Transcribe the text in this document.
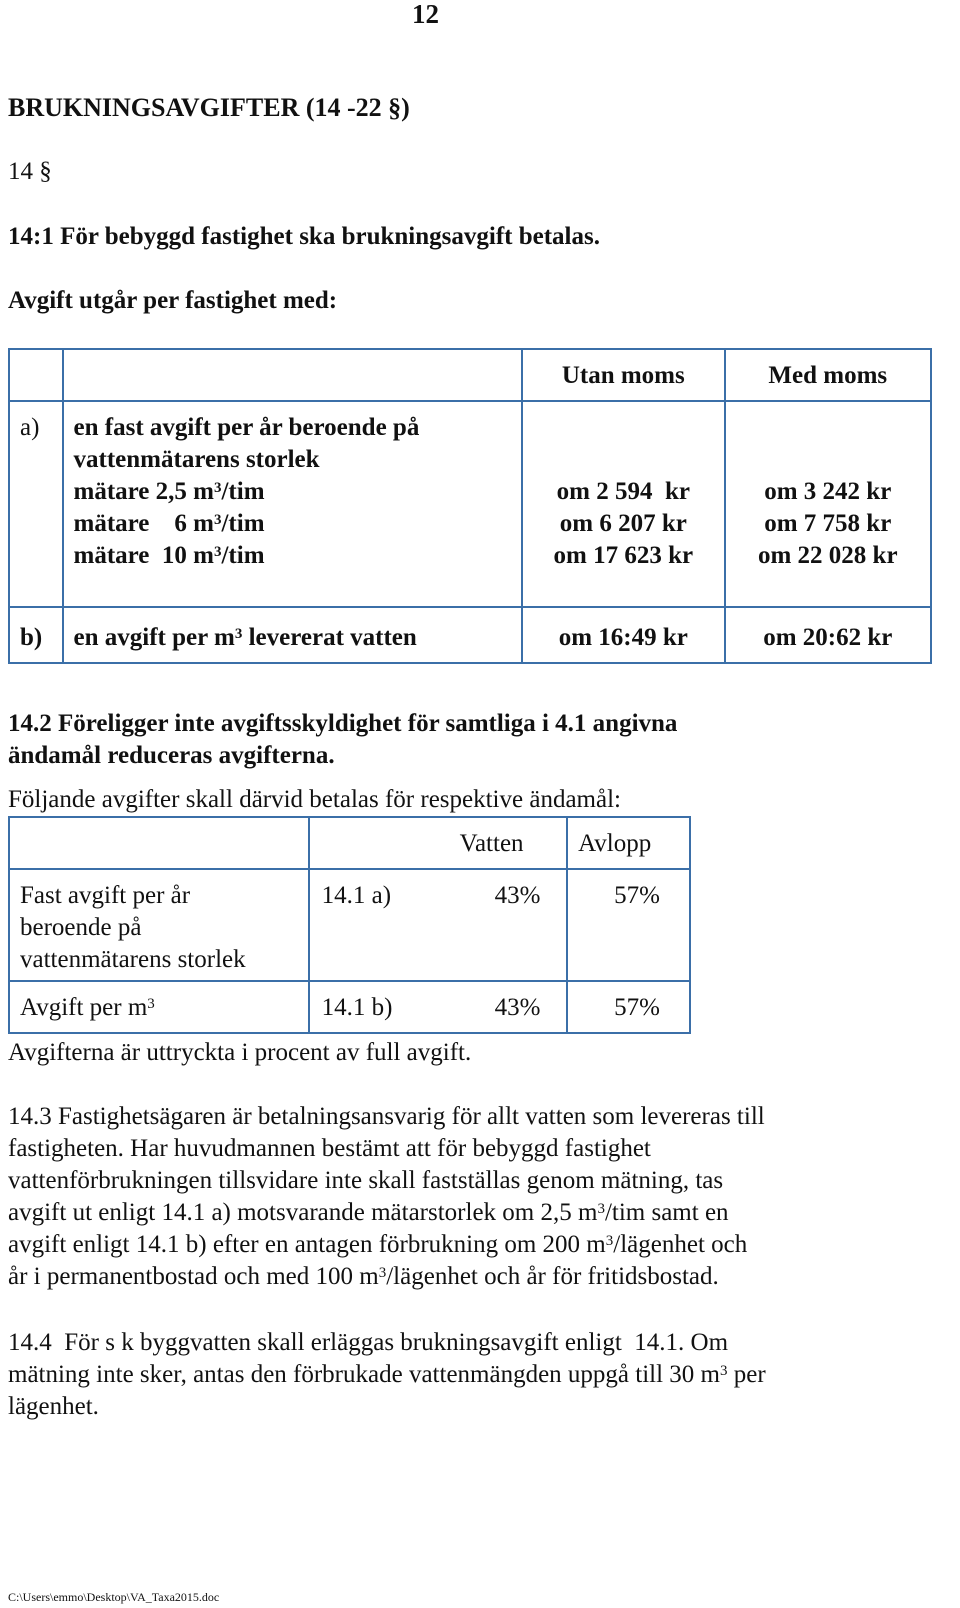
12
BRUKNINGSAVGIFTER (14 -22 §)
14 §
14:1 För bebyggd fastighet ska brukningsavgift betalas.
Avgift utgår per fastighet med:

		Utan moms	Med moms

a)	en fast avgift per år beroende på
vattenmätarens storlek
mätare 2,5 $m^3$/tim
mätare    6 $m^3$/tim
mätare  10 $m^3$/tim	om 2 594  kr
om 6 207 kr
om 17 623 kr	om 3 242 kr
om 7 758 kr
om 22 028 kr

b)	en avgift per $m^3$ levererat vatten	om 16:49 kr	om 20:62 kr
14.2 Föreligger inte avgiftsskyldighet för samtliga i 4.1 angivna
ändamål reduceras avgifterna.
Följande avgifter skall därvid betalas för respektive ändamål:

	Vatten	Avlopp

Fast avgift per år
beroende på
vattenmätarens storlek	14.1 a) 43%	57%

Avgift per $m^3$	14.1 b) 43%	57%
Avgifterna är uttryckta i procent av full avgift.
14.3 Fastighetsägaren är betalningsansvarig för allt vatten som levereras till
fastigheten. Har huvudmannen bestämt att för bebyggd fastighet
vattenförbrukningen tillsvidare inte skall fastställas genom mätning, tas
avgift ut enligt 14.1 a) motsvarande mätarstorlek om 2,5 $m^3$/tim samt en
avgift enligt 14.1 b) efter en antagen förbrukning om 200 $m^3$/lägenhet och
år i permanentbostad och med 100 $m^3$/lägenhet och år för fritidsbostad.
14.4  För s k byggvatten skall erläggas brukningsavgift enligt  14.1. Om
mätning inte sker, antas den förbrukade vattenmängden uppgå till 30 $m^3$ per
lägenhet.
C:\Users\emmo\Desktop\VA_Taxa2015.doc
